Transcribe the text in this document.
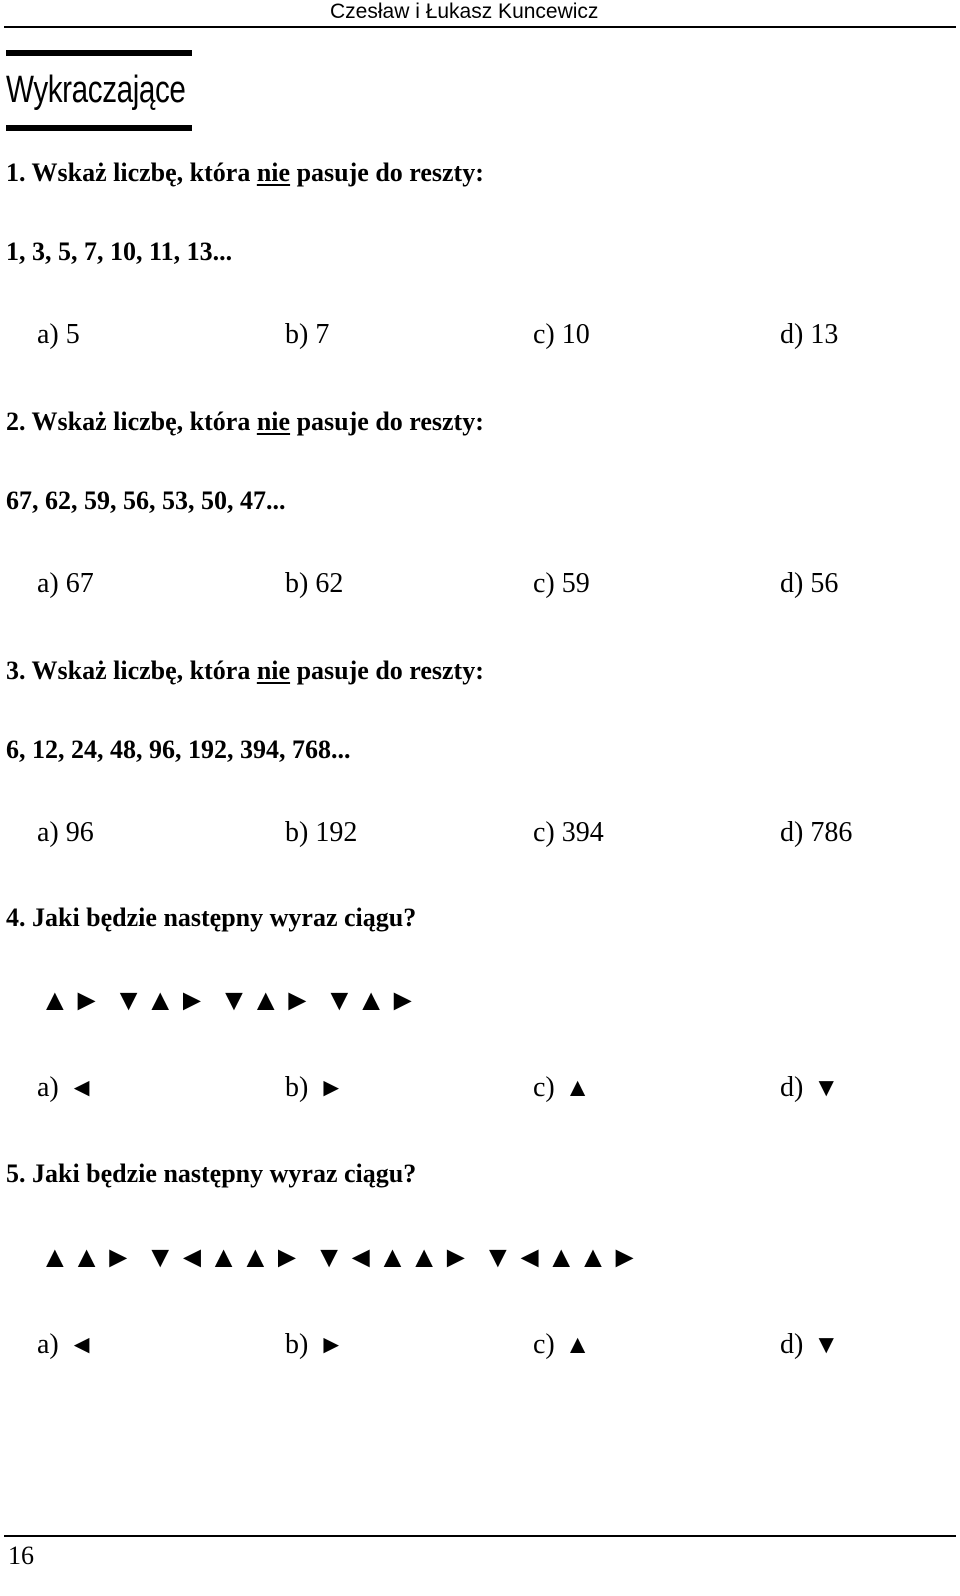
Czesław i Łukasz Kuncewicz
Wykraczające
1. Wskaż liczbę, która nie pasuje do reszty:
1, 3, 5, 7, 10, 11, 13...
a) 5	b) 7	c) 10	d) 13
2. Wskaż liczbę, która nie pasuje do reszty:
67, 62, 59, 56, 53, 50, 47...
a) 67	b) 62	c) 59	d) 56
3. Wskaż liczbę, która nie pasuje do reszty:
6, 12, 24, 48, 96, 192, 394, 768...
a) 96	b) 192	c) 394	d) 786
4. Jaki będzie następny wyraz ciągu?
▲► ▼▲► ▼▲► ▼▲►
a) ◄	b) ►	c) ▲	d) ▼
5. Jaki będzie następny wyraz ciągu?
▲▲► ▼◄▲▲► ▼◄▲▲► ▼◄▲▲►
a) ◄	b) ►	c) ▲	d) ▼
16
